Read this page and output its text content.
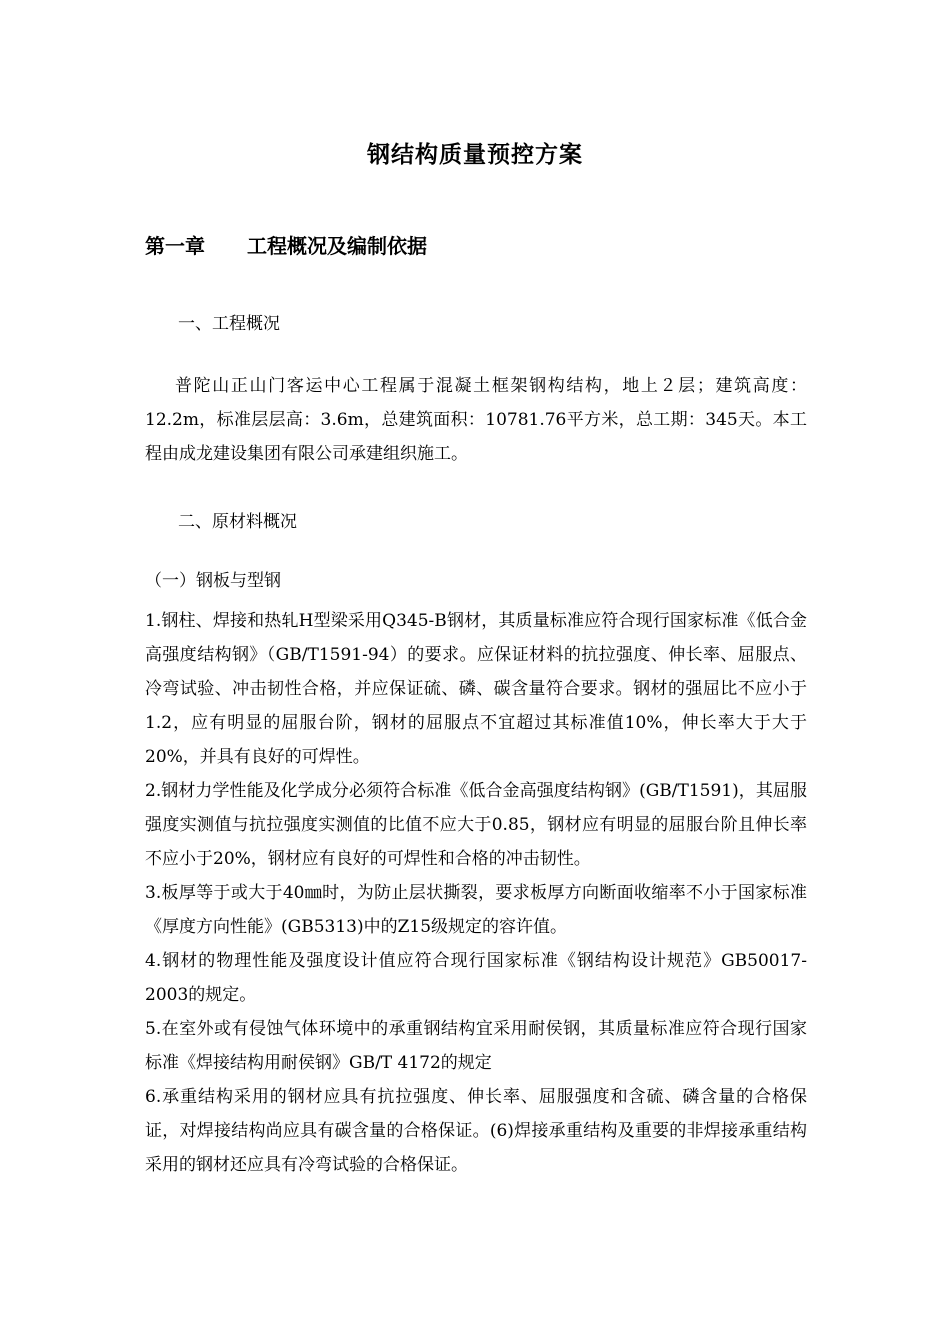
钢结构质量预控方案
第一章 工程概况及编制依据

一、工程概况

普陀山正山门客运中心工程属于混凝土框架钢构结构，地上２层；建筑高度：12.2m，标准层层高：3.6m，总建筑面积：10781.76平方米，总工期：345天。本工程由成龙建设集团有限公司承建组织施工。

二、原材料概况

（一）钢板与型钢

1.钢柱、焊接和热轧H型梁采用Q345-B钢材，其质量标准应符合现行国家标准《低合金高强度结构钢》（GB/T1591-94）的要求。应保证材料的抗拉强度、伸长率、屈服点、冷弯试验、冲击韧性合格，并应保证硫、磷、碳含量符合要求。钢材的强屈比不应小于1.2，应有明显的屈服台阶，钢材的屈服点不宜超过其标准值10%，伸长率大于大于20%，并具有良好的可焊性。

2.钢材力学性能及化学成分必须符合标准《低合金高强度结构钢》(GB/T1591)，其屈服强度实测值与抗拉强度实测值的比值不应大于0.85，钢材应有明显的屈服台阶且伸长率不应小于20%，钢材应有良好的可焊性和合格的冲击韧性。

3.板厚等于或大于40㎜时，为防止层状撕裂，要求板厚方向断面收缩率不小于国家标准《厚度方向性能》(GB5313)中的Z15级规定的容许值。

4.钢材的物理性能及强度设计值应符合现行国家标准《钢结构设计规范》GB50017-2003的规定。

5.在室外或有侵蚀气体环境中的承重钢结构宜采用耐侯钢，其质量标准应符合现行国家标准《焊接结构用耐侯钢》GB/T 4172的规定

6.承重结构采用的钢材应具有抗拉强度、伸长率、屈服强度和含硫、磷含量的合格保证，对焊接结构尚应具有碳含量的合格保证。(6)焊接承重结构及重要的非焊接承重结构采用的钢材还应具有冷弯试验的合格保证。
